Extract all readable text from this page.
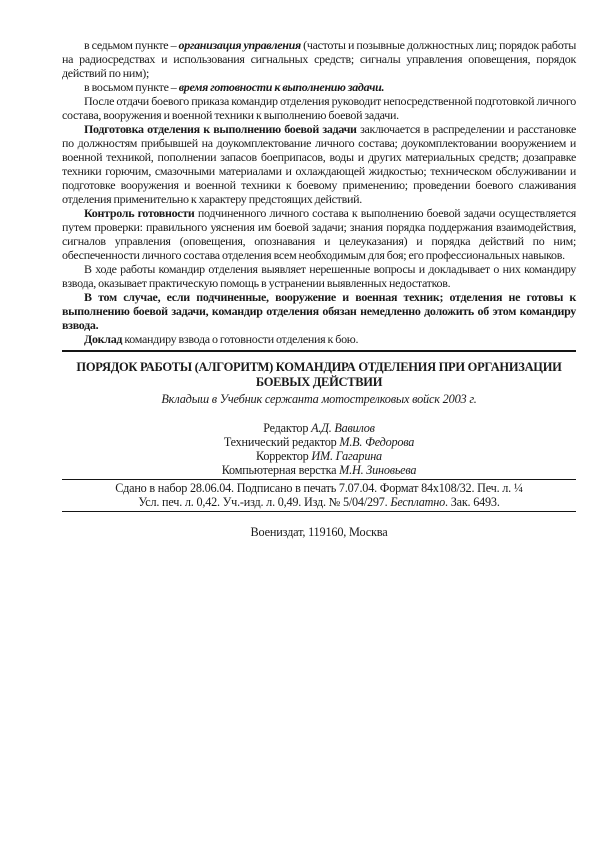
в седьмом пункте – организация управления (частоты и позывные должностных лиц; порядок работы на радиосредствах и использования сигнальных средств; сигналы управления оповещения, порядок действий по ним);

в восьмом пункте – время готовности к выполнению задачи.

После отдачи боевого приказа командир отделения руководит непосредственной подготовкой личного состава, вооружения и военной техники к выполнению боевой задачи.

Подготовка отделения к выполнению боевой задачи заключается в распределении и расстановке по должностям прибывшей на доукомплектование личного состава; доукомплектовании вооружением и военной техникой, пополнении запасов боеприпасов, воды и других материальных средств; дозаправке техники горючим, смазочными материалами и охлаждающей жидкостью; техническом обслуживании и подготовке вооружения и военной техники к боевому применению; проведении боевого слаживания отделения применительно к характеру предстоящих действий.

Контроль готовности подчиненного личного состава к выполнению боевой задачи осуществляется путем проверки: правильного уяснения им боевой задачи; знания порядка поддержания взаимодействия, сигналов управления (оповещения, опознавания и целеуказания) и порядка действий по ним; обеспеченности личного состава отделения всем необходимым для боя; его профессиональных навыков.

В ходе работы командир отделения выявляет нерешенные вопросы и докладывает о них командиру взвода, оказывает практическую помощь в устранении выявленных недостатков.

В том случае, если подчиненные, вооружение и военная техник; отделения не готовы к выполнению боевой задачи, командир отделения обязан немедленно доложить об этом командиру взвода.

Доклад командиру взвода о готовности отделения к бою.

ПОРЯДОК РАБОТЫ (АЛГОРИТМ) КОМАНДИРА ОТДЕЛЕНИЯ ПРИ ОРГАНИЗАЦИИ
БОЕВЫХ ДЕЙСТВИИ
Вкладыш в Учебник сержанта мотострелковых войск 2003 г.

Редактор А.Д. Вавилов

Технический редактор М.В. Федорова

Корректор ИМ. Гагарина

Компьютерная верстка М.Н. Зиновьева

Сдано в набор 28.06.04. Подписано в печать 7.07.04. Формат 84х108/32. Печ. л. ¼

Усл. печ. л. 0,42. Уч.-изд. л. 0,49. Изд. № 5/04/297. Бесплатно. Зак. 6493.

Воениздат, 119160, Москва
